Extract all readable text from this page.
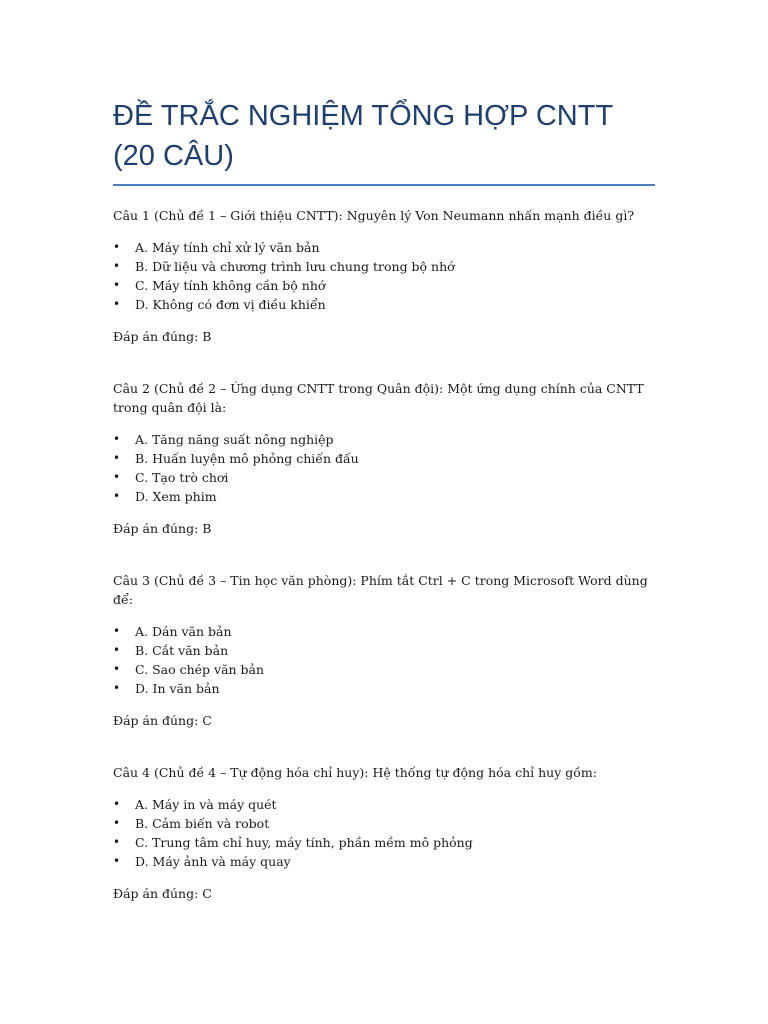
ĐỀ TRẮC NGHIỆM TỔNG HỢP CNTT (20 CÂU)

Câu 1 (Chủ đề 1 – Giới thiệu CNTT): Nguyên lý Von Neumann nhấn mạnh điều gì?

• A. Máy tính chỉ xử lý văn bản
• B. Dữ liệu và chương trình lưu chung trong bộ nhớ
• C. Máy tính không cần bộ nhớ
• D. Không có đơn vị điều khiển

Đáp án đúng: B

Câu 2 (Chủ đề 2 – Ứng dụng CNTT trong Quân đội): Một ứng dụng chính của CNTT trong quân đội là:

• A. Tăng năng suất nông nghiệp
• B. Huấn luyện mô phỏng chiến đấu
• C. Tạo trò chơi
• D. Xem phim

Đáp án đúng: B

Câu 3 (Chủ đề 3 – Tin học văn phòng): Phím tắt Ctrl + C trong Microsoft Word dùng để:

• A. Dán văn bản
• B. Cắt văn bản
• C. Sao chép văn bản
• D. In văn bản

Đáp án đúng: C

Câu 4 (Chủ đề 4 – Tự động hóa chỉ huy): Hệ thống tự động hóa chỉ huy gồm:

• A. Máy in và máy quét
• B. Cảm biến và robot
• C. Trung tâm chỉ huy, máy tính, phần mềm mô phỏng
• D. Máy ảnh và máy quay

Đáp án đúng: C
